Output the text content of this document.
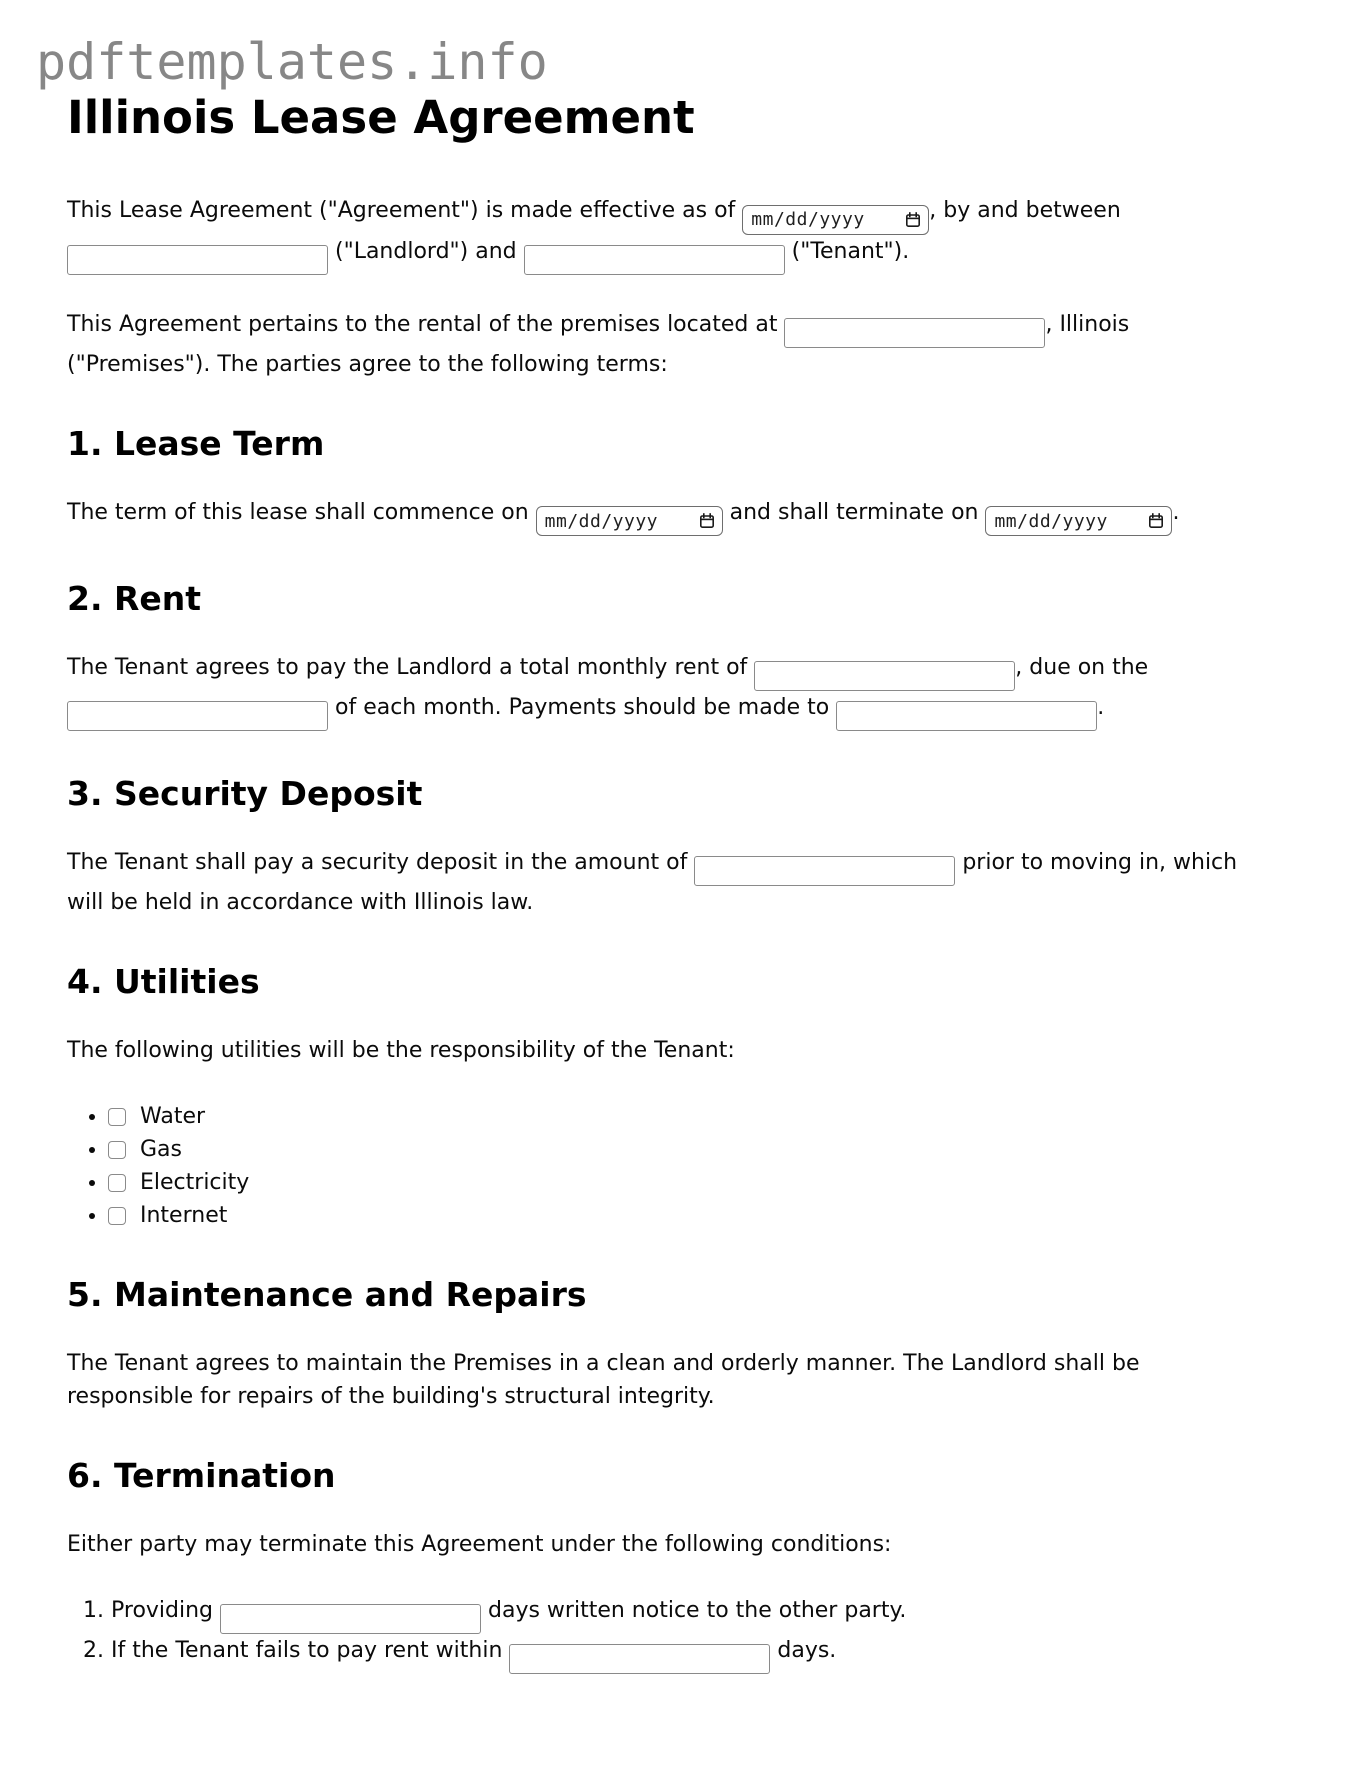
pdftemplates.info
Illinois Lease Agreement

This Lease Agreement ("Agreement") is made effective as of mm/dd/yyyy	, by and between  ("Landlord") and	("Tenant").

This Agreement pertains to the rental of the premises located at	, Illinois ("Premises"). The parties agree to the following terms:

1. Lease Term

The term of this lease shall commence on mm/dd/yyyy	and shall terminate on mm/dd/yyyy	.

2. Rent

The Tenant agrees to pay the Landlord a total monthly rent of	, due on the  of each month. Payments should be made to	.

3. Security Deposit

The Tenant shall pay a security deposit in the amount of	prior to moving in, which will be held in accordance with Illinois law.

4. Utilities

The following utilities will be the responsibility of the Tenant:

• Water
• Gas
• Electricity
• Internet
5. Maintenance and Repairs

The Tenant agrees to maintain the Premises in a clean and orderly manner. The Landlord shall be responsible for repairs of the building's structural integrity.

6. Termination

Either party may terminate this Agreement under the following conditions:

1. Providing	days written notice to the other party.
2. If the Tenant fails to pay rent within	days.
